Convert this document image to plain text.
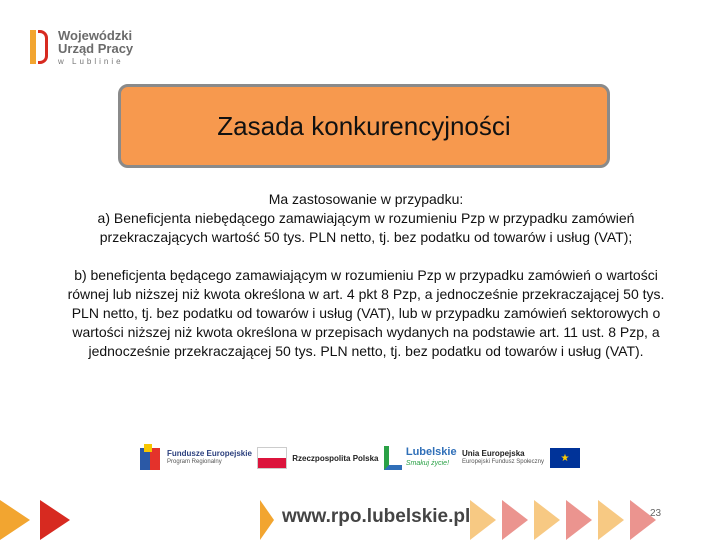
Wojewódzki
Urząd Pracy
w Lublinie
Zasada konkurencyjności

Ma zastosowanie w przypadku:

a) Beneficjenta niebędącego zamawiającym w rozumieniu Pzp w przypadku zamówień przekraczających wartość 50 tys. PLN netto, tj. bez podatku od towarów i usług (VAT);

b) beneficjenta będącego zamawiającym w rozumieniu Pzp w przypadku zamówień o wartości równej lub niższej niż kwota określona w art. 4 pkt 8 Pzp, a jednocześnie przekraczającej 50 tys. PLN netto, tj. bez podatku od towarów i usług (VAT), lub w przypadku zamówień sektorowych o wartości niższej niż kwota określona w przepisach wydanych na podstawie art. 11 ust. 8 Pzp, a jednocześnie przekraczającej 50 tys. PLN netto, tj. bez podatku od towarów i usług (VAT).

Fundusze Europejskie
Program Regionalny	Rzeczpospolita Polska Lubelskie
Smakuj życie!
Unia Europejska
Europejski Fundusz Społeczny	★
www.rpo.lubelskie.pl	23
